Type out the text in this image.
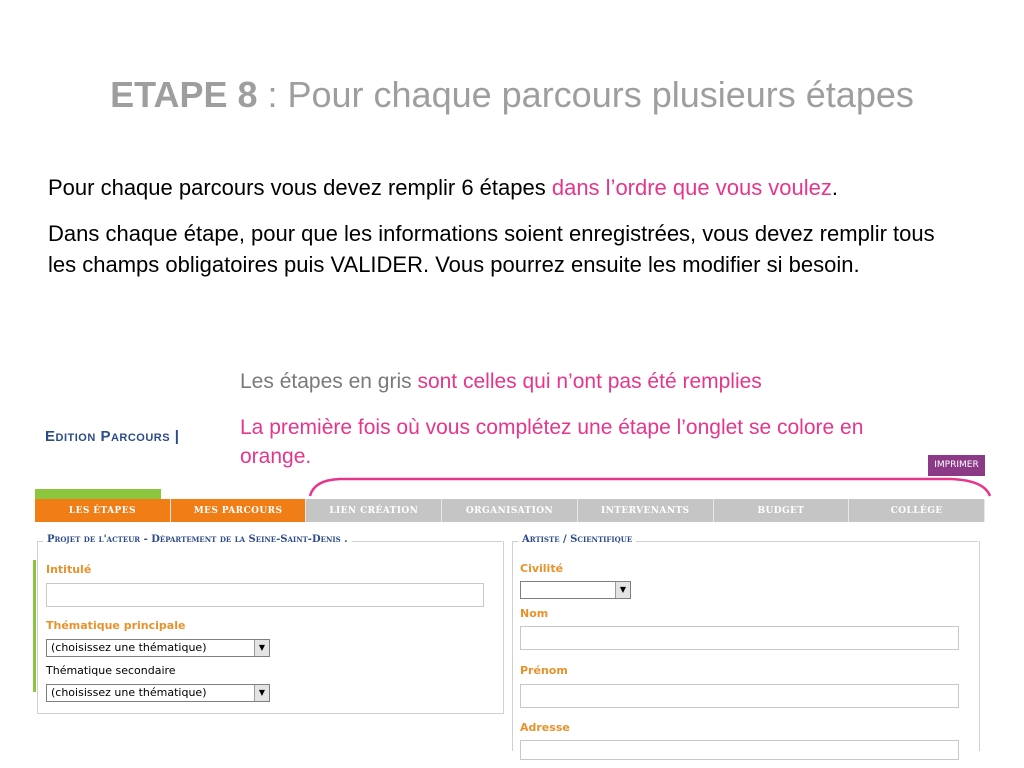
ETAPE 8 : Pour chaque parcours plusieurs étapes
Pour chaque parcours vous devez remplir 6 étapes dans l’ordre que vous voulez.
Dans chaque étape, pour que les informations soient enregistrées, vous devez remplir tous les champs obligatoires puis VALIDER. Vous pourrez ensuite les modifier si besoin.
Les étapes en gris sont celles qui n’ont pas été remplies
La première fois où vous complétez une étape l’onglet se colore en orange.
Edition Parcours |
IMPRIMER
LES ÉTAPES	MES PARCOURS	LIEN CRÉATION	ORGANISATION	INTERVENANTS	BUDGET	COLLÈGE
Projet de l'acteur - Département de la Seine-Saint-Denis .
Intitulé
Thématique principale
(choisissez une thématique)	▼
Thématique secondaire
(choisissez une thématique)	▼
Artiste / Scientifique
Civilité
▼
Nom
Prénom
Adresse
